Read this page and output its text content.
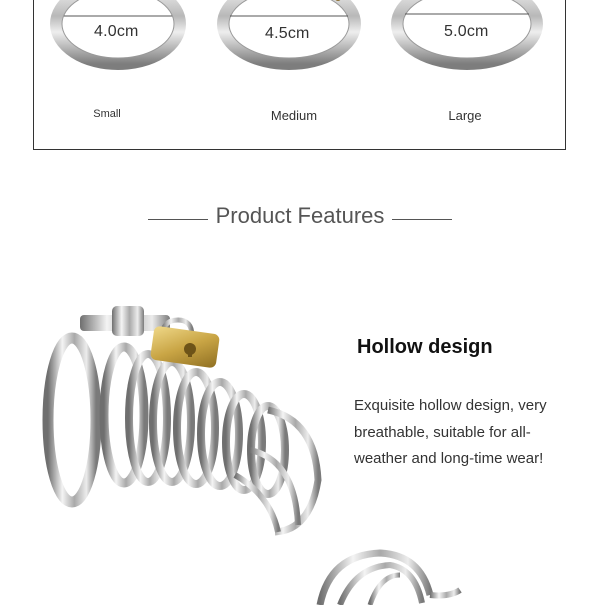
4.0cm	4.5cm	5.0cm
Small	Medium	Large
Product Features
Hollow design
Exquisite hollow design, very breathable, suitable for all-weather and long-time wear!
